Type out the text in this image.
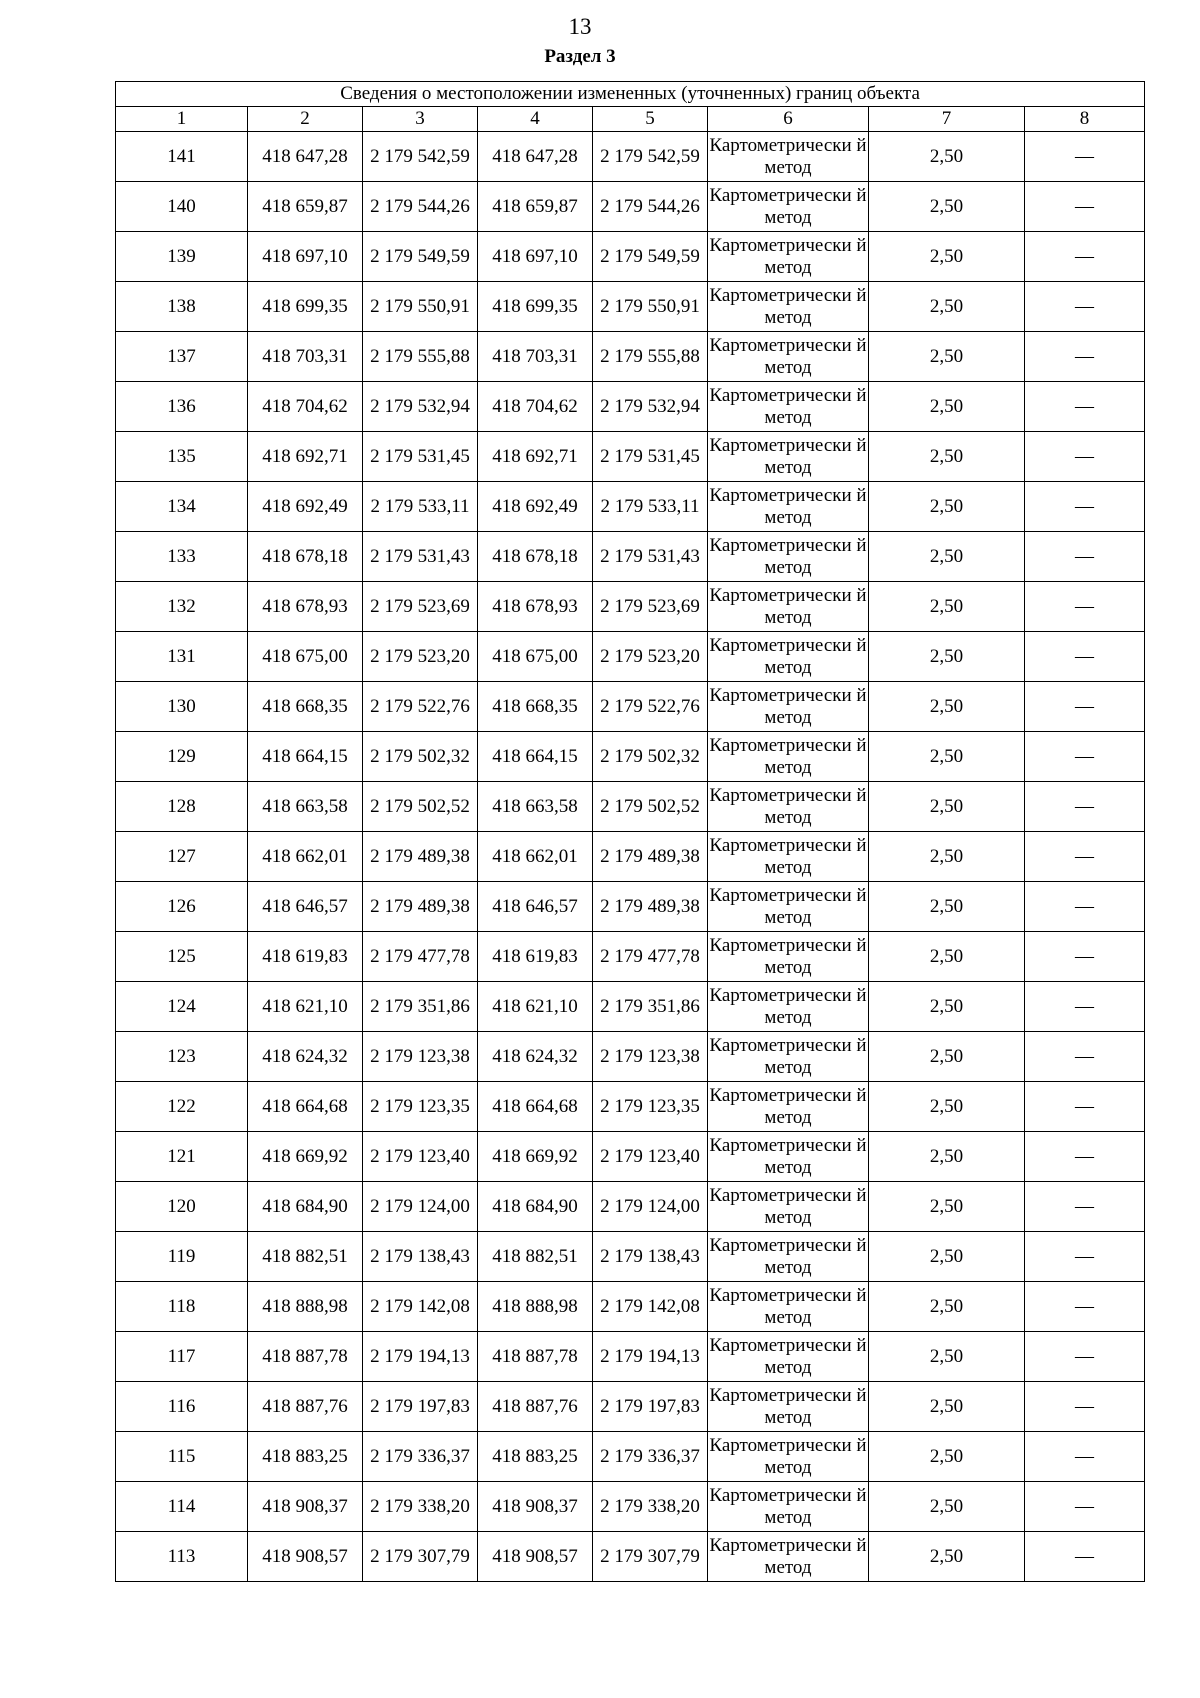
13
Раздел 3
Сведения о местоположении измененных (уточненных) границ объекта							
1	2	3	4	5	6	7	8
141	418 647,28	2 179 542,59	418 647,28	2 179 542,59	Картометрически й метод	2,50	—
140	418 659,87	2 179 544,26	418 659,87	2 179 544,26	Картометрически й метод	2,50	—
139	418 697,10	2 179 549,59	418 697,10	2 179 549,59	Картометрически й метод	2,50	—
138	418 699,35	2 179 550,91	418 699,35	2 179 550,91	Картометрически й метод	2,50	—
137	418 703,31	2 179 555,88	418 703,31	2 179 555,88	Картометрически й метод	2,50	—
136	418 704,62	2 179 532,94	418 704,62	2 179 532,94	Картометрически й метод	2,50	—
135	418 692,71	2 179 531,45	418 692,71	2 179 531,45	Картометрически й метод	2,50	—
134	418 692,49	2 179 533,11	418 692,49	2 179 533,11	Картометрически й метод	2,50	—
133	418 678,18	2 179 531,43	418 678,18	2 179 531,43	Картометрически й метод	2,50	—
132	418 678,93	2 179 523,69	418 678,93	2 179 523,69	Картометрически й метод	2,50	—
131	418 675,00	2 179 523,20	418 675,00	2 179 523,20	Картометрически й метод	2,50	—
130	418 668,35	2 179 522,76	418 668,35	2 179 522,76	Картометрически й метод	2,50	—
129	418 664,15	2 179 502,32	418 664,15	2 179 502,32	Картометрически й метод	2,50	—
128	418 663,58	2 179 502,52	418 663,58	2 179 502,52	Картометрически й метод	2,50	—
127	418 662,01	2 179 489,38	418 662,01	2 179 489,38	Картометрически й метод	2,50	—
126	418 646,57	2 179 489,38	418 646,57	2 179 489,38	Картометрически й метод	2,50	—
125	418 619,83	2 179 477,78	418 619,83	2 179 477,78	Картометрически й метод	2,50	—
124	418 621,10	2 179 351,86	418 621,10	2 179 351,86	Картометрически й метод	2,50	—
123	418 624,32	2 179 123,38	418 624,32	2 179 123,38	Картометрически й метод	2,50	—
122	418 664,68	2 179 123,35	418 664,68	2 179 123,35	Картометрически й метод	2,50	—
121	418 669,92	2 179 123,40	418 669,92	2 179 123,40	Картометрически й метод	2,50	—
120	418 684,90	2 179 124,00	418 684,90	2 179 124,00	Картометрически й метод	2,50	—
119	418 882,51	2 179 138,43	418 882,51	2 179 138,43	Картометрически й метод	2,50	—
118	418 888,98	2 179 142,08	418 888,98	2 179 142,08	Картометрически й метод	2,50	—
117	418 887,78	2 179 194,13	418 887,78	2 179 194,13	Картометрически й метод	2,50	—
116	418 887,76	2 179 197,83	418 887,76	2 179 197,83	Картометрически й метод	2,50	—
115	418 883,25	2 179 336,37	418 883,25	2 179 336,37	Картометрически й метод	2,50	—
114	418 908,37	2 179 338,20	418 908,37	2 179 338,20	Картометрически й метод	2,50	—
113	418 908,57	2 179 307,79	418 908,57	2 179 307,79	Картометрически й метод	2,50	—
